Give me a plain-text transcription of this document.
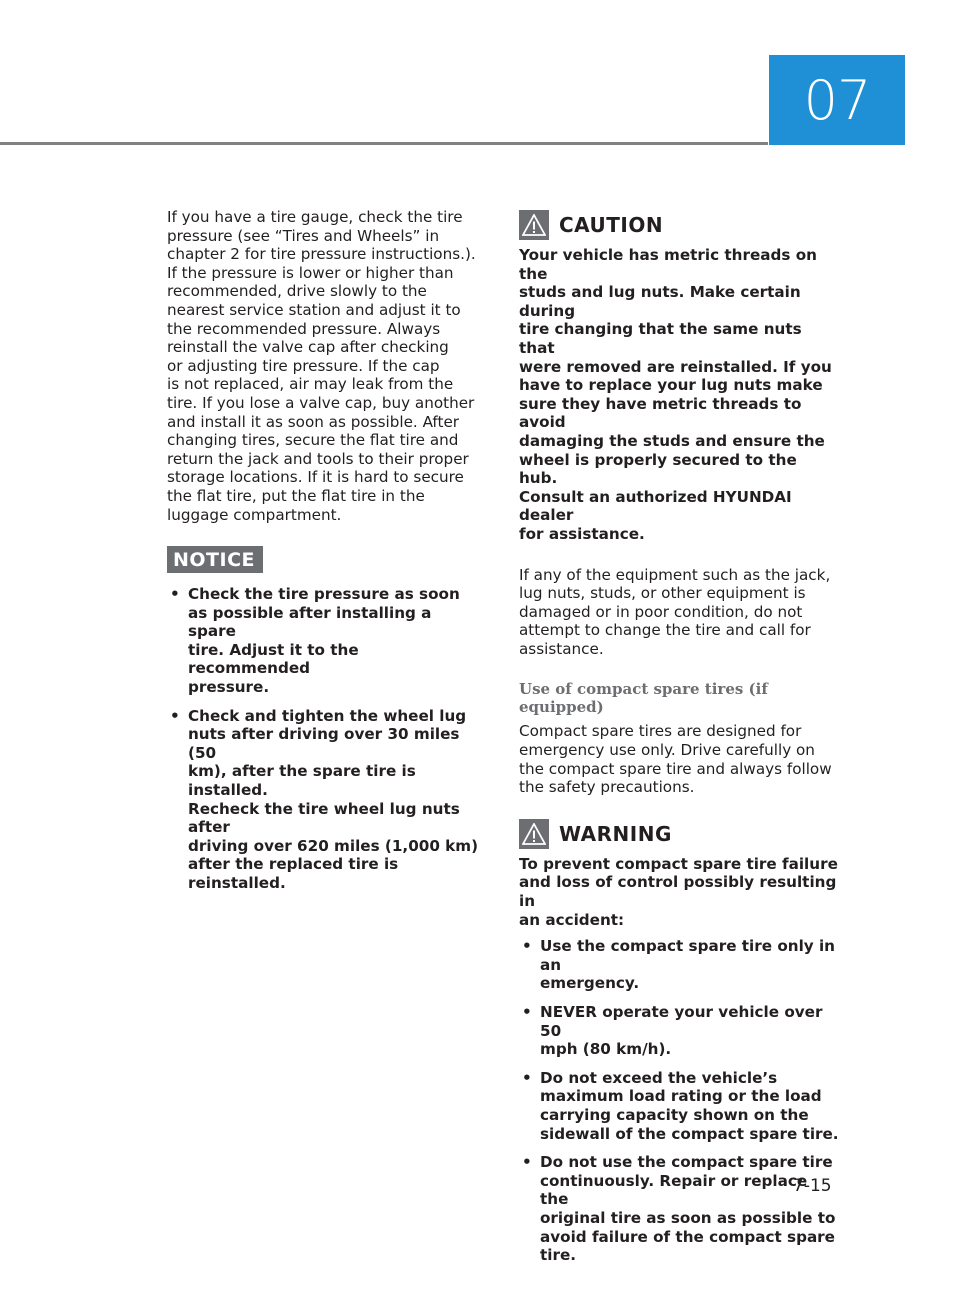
07

If you have a tire gauge, check the tire
pressure (see “Tires and Wheels” in
chapter 2 for tire pressure instructions.).
If the pressure is lower or higher than
recommended, drive slowly to the
nearest service station and adjust it to
the recommended pressure. Always
reinstall the valve cap after checking
or adjusting tire pressure. If the cap
is not replaced, air may leak from the
tire. If you lose a valve cap, buy another
and install it as soon as possible. After
changing tires, secure the flat tire and
return the jack and tools to their proper
storage locations. If it is hard to secure
the flat tire, put the flat tire in the
luggage compartment.

NOTICE
• Check the tire pressure as soon
as possible after installing a spare
tire. Adjust it to the recommended
pressure.
• Check and tighten the wheel lug
nuts after driving over 30 miles (50
km), after the spare tire is installed.
Recheck the tire wheel lug nuts after
driving over 620 miles (1,000 km)
after the replaced tire is reinstalled.
CAUTION

Your vehicle has metric threads on the
studs and lug nuts. Make certain during
tire changing that the same nuts that
were removed are reinstalled. If you
have to replace your lug nuts make
sure they have metric threads to avoid
damaging the studs and ensure the
wheel is properly secured to the hub.
Consult an authorized HYUNDAI dealer
for assistance.

If any of the equipment such as the jack,
lug nuts, studs, or other equipment is
damaged or in poor condition, do not
attempt to change the tire and call for
assistance.

Use of compact spare tires (if equipped)

Compact spare tires are designed for
emergency use only. Drive carefully on
the compact spare tire and always follow
the safety precautions.

WARNING

To prevent compact spare tire failure
and loss of control possibly resulting in
an accident:

• Use the compact spare tire only in an
emergency.
• NEVER operate your vehicle over 50
mph (80 km/h).
• Do not exceed the vehicle’s
maximum load rating or the load
carrying capacity shown on the
sidewall of the compact spare tire.
• Do not use the compact spare tire
continuously. Repair or replace the
original tire as soon as possible to
avoid failure of the compact spare
tire.
7-15
